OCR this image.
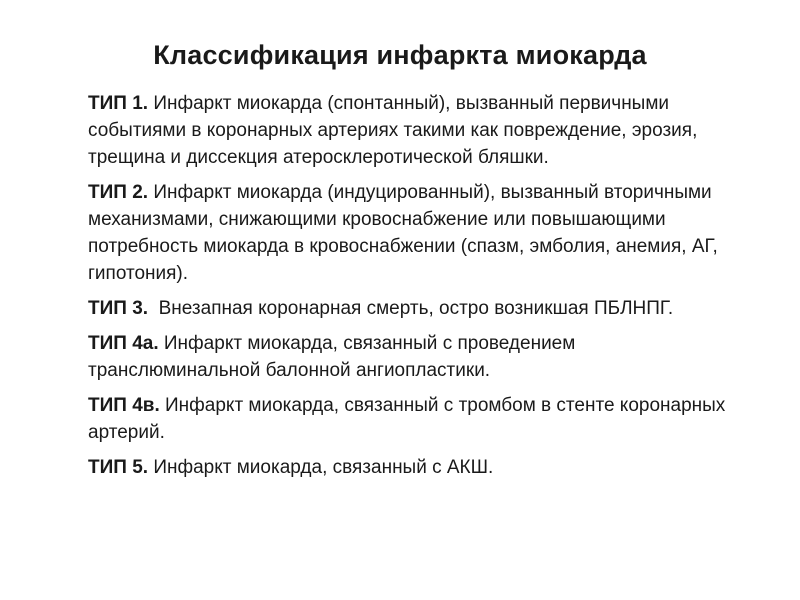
Классификация инфаркта миокарда
ТИП 1. Инфаркт миокарда (спонтанный), вызванный первичными событиями в коронарных артериях такими как повреждение, эрозия, трещина и диссекция атеросклеротической бляшки.
ТИП 2. Инфаркт миокарда (индуцированный), вызванный вторичными механизмами, снижающими кровоснабжение или повышающими потребность миокарда в кровоснабжении (спазм, эмболия, анемия, АГ, гипотония).
ТИП 3.  Внезапная коронарная смерть, остро возникшая ПБЛНПГ.
ТИП 4а. Инфаркт миокарда, связанный с проведением транслюминальной балонной ангиопластики.
ТИП 4в. Инфаркт миокарда, связанный с тромбом в стенте коронарных артерий.
ТИП 5. Инфаркт миокарда, связанный с АКШ.
